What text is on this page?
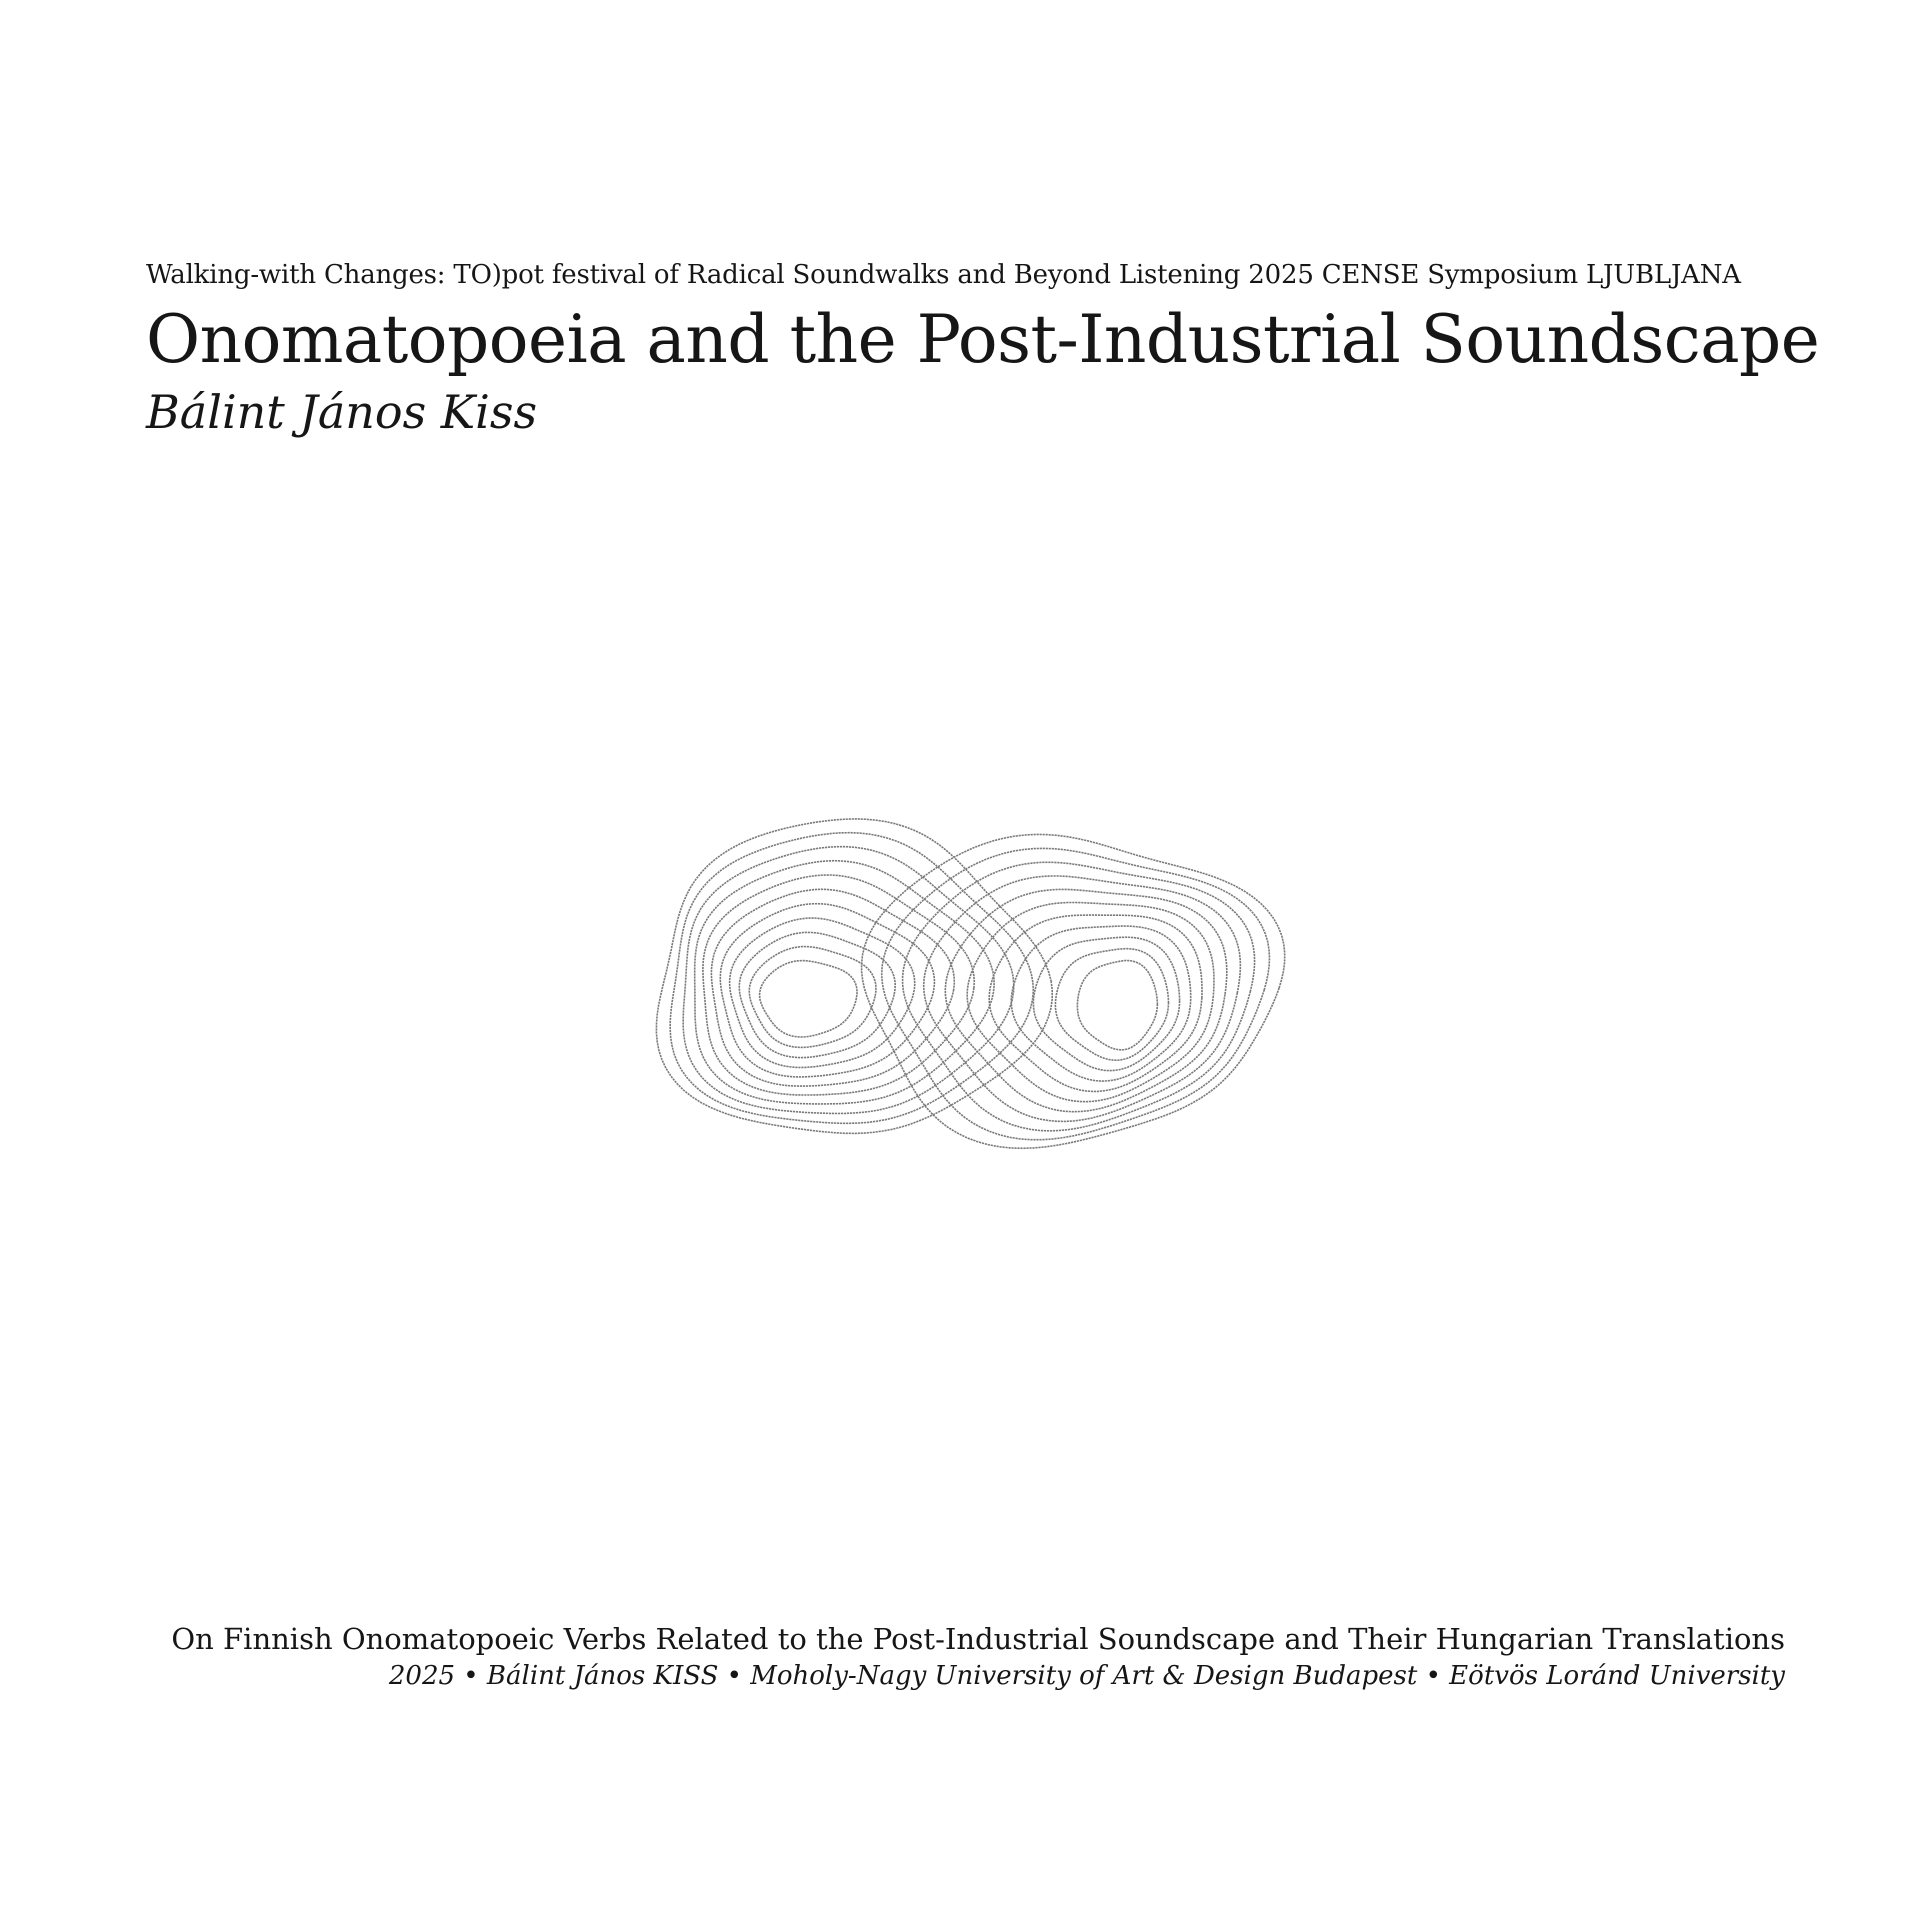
Walking-with Changes: TO)pot festival of Radical Soundwalks and Beyond Listening 2025 CENSE Symposium LJUBLJANA
Onomatopoeia and the Post-Industrial Soundscape
Bálint János Kiss
On Finnish Onomatopoeic Verbs Related to the Post-Industrial Soundscape and Their Hungarian Translations
2025 • Bálint János KISS • Moholy-Nagy University of Art & Design Budapest • Eötvös Loránd University
